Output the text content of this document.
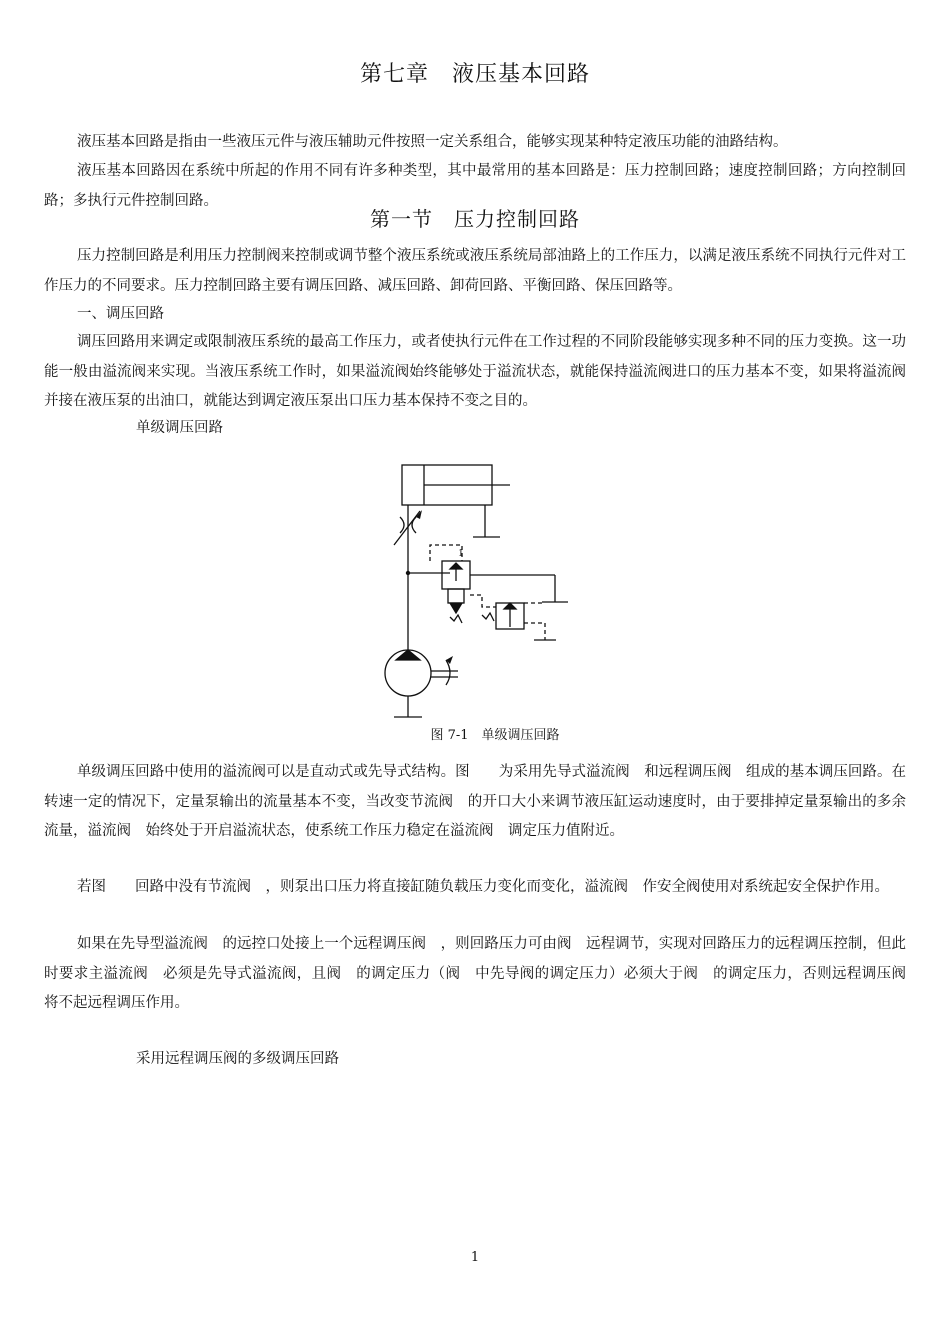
第七章　液压基本回路
液压基本回路是指由一些液压元件与液压辅助元件按照一定关系组合，能够实现某种特定液压功能的油路结构。
液压基本回路因在系统中所起的作用不同有许多种类型，其中最常用的基本回路是：压力控制回路；速度控制回路；方向控制回路；多执行元件控制回路。
第一节　压力控制回路
压力控制回路是利用压力控制阀来控制或调节整个液压系统或液压系统局部油路上的工作压力，以满足液压系统不同执行元件对工作压力的不同要求。压力控制回路主要有调压回路、减压回路、卸荷回路、平衡回路、保压回路等。
一、调压回路
调压回路用来调定或限制液压系统的最高工作压力，或者使执行元件在工作过程的不同阶段能够实现多种不同的压力变换。这一功能一般由溢流阀来实现。当液压系统工作时，如果溢流阀始终能够处于溢流状态，就能保持溢流阀进口的压力基本不变，如果将溢流阀并接在液压泵的出油口，就能达到调定液压泵出口压力基本保持不变之目的。
单级调压回路
1
图 7-1　单级调压回路
单级调压回路中使用的溢流阀可以是直动式或先导式结构。图　　为采用先导式溢流阀　和远程调压阀　组成的基本调压回路。在转速一定的情况下，定量泵输出的流量基本不变，当改变节流阀　的开口大小来调节液压缸运动速度时，由于要排掉定量泵输出的多余流量，溢流阀　始终处于开启溢流状态，使系统工作压力稳定在溢流阀　调定压力值附近。
若图　　回路中没有节流阀　，则泵出口压力将直接缸随负载压力变化而变化，溢流阀　作安全阀使用对系统起安全保护作用。
如果在先导型溢流阀　的远控口处接上一个远程调压阀　，则回路压力可由阀　远程调节，实现对回路压力的远程调压控制，但此时要求主溢流阀　必须是先导式溢流阀，且阀　的调定压力（阀　中先导阀的调定压力）必须大于阀　的调定压力，否则远程调压阀　将不起远程调压作用。
采用远程调压阀的多级调压回路
1
